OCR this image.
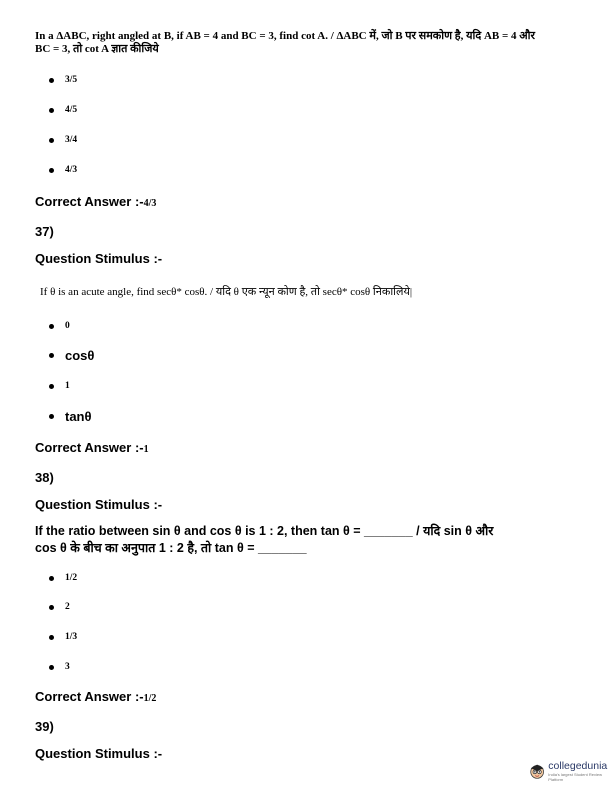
In a ΔABC, right angled at B, if AB = 4 and BC = 3, find cot A. / ΔABC में, जो B पर समकोण है, यदि AB = 4 और
BC = 3, तो cot A ज्ञात कीजिये
3/5
4/5
3/4
4/3
Correct Answer :-4/3
37)
Question Stimulus :-
If θ is an acute angle, find secθ* cosθ. / यदि θ एक न्यून कोण है, तो secθ* cosθ निकालिये|
0
cosθ
1
tanθ
Correct Answer :-1
38)
Question Stimulus :-
If the ratio between sin θ and cos θ is 1 : 2, then tan θ = _______ / यदि sin θ और
cos θ के बीच का अनुपात 1 : 2 है, तो tan θ = _______
1/2
2
1/3
3
Correct Answer :-1/2
39)
Question Stimulus :-
collegedunia
India's largest Student Review Platform
